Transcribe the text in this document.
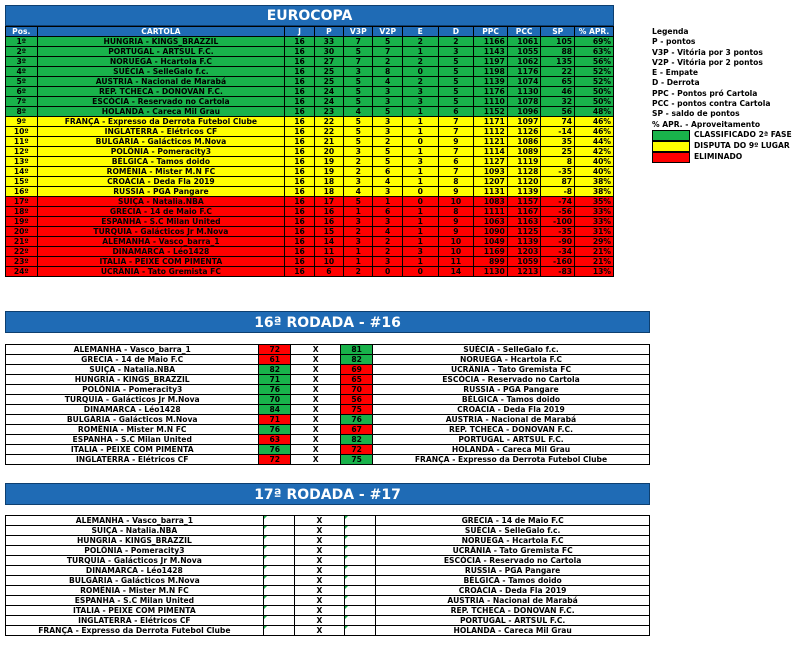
EUROCOPA
Pos.	CARTOLA	J	P	V3P	V2P	E	D	PPC	PCC	SP	% APR.
1º	HUNGRIA - KINGS_BRAZZIL	16	33	7	5	2	2	1166	1061	105	69%
2º	PORTUGAL - ARTSUL F.C.	16	30	5	7	1	3	1143	1055	88	63%
3º	NORUEGA - Hcartola F.C	16	27	7	2	2	5	1197	1062	135	56%
4º	SUÉCIA - SelleGalo f.c.	16	25	3	8	0	5	1198	1176	22	52%
5º	AUSTRIA - Nacional de Marabá	16	25	5	4	2	5	1139	1074	65	52%
6º	REP. TCHECA - DONOVAN F.C.	16	24	5	3	3	5	1176	1130	46	50%
7º	ESCÓCIA - Reservado no Cartola	16	24	5	3	3	5	1110	1078	32	50%
8º	HOLANDA - Careca Mil Grau	16	23	4	5	1	6	1152	1096	56	48%
9º	FRANÇA - Expresso da Derrota Futebol Clube	16	22	5	3	1	7	1171	1097	74	46%
10º	INGLATERRA - Elétricos CF	16	22	5	3	1	7	1112	1126	-14	46%
11º	BULGÁRIA - Galácticos M.Nova	16	21	5	2	0	9	1121	1086	35	44%
12º	POLÔNIA - Pomeracity3	16	20	3	5	1	7	1114	1089	25	42%
13º	BÉLGICA - Tamos doido	16	19	2	5	3	6	1127	1119	8	40%
14º	ROMÊNIA - Mister M.N FC	16	19	2	6	1	7	1093	1128	-35	40%
15º	CROÁCIA - Deda Fla 2019	16	18	3	4	1	8	1207	1120	87	38%
16º	RUSSIA - PGA Pangare	16	18	4	3	0	9	1131	1139	-8	38%
17º	SUIÇA - Natalia.NBA	16	17	5	1	0	10	1083	1157	-74	35%
18º	GRECIA - 14 de Maio F.C	16	16	1	6	1	8	1111	1167	-56	33%
19º	ESPANHA - S.C Milan United	16	16	3	3	1	9	1063	1163	-100	33%
20º	TURQUIA - Galácticos Jr M.Nova	16	15	2	4	1	9	1090	1125	-35	31%
21º	ALEMANHA - Vasco_barra_1	16	14	3	2	1	10	1049	1139	-90	29%
22º	DINAMARCA - Léo1428	16	11	1	2	3	10	1169	1203	-34	21%
23º	ITALIA - PEIXE COM PIMENTA	16	10	1	3	1	11	899	1059	-160	21%
24º	UCRÂNIA - Tato Gremista FC	16	6	2	0	0	14	1130	1213	-83	13%
Legenda
P - pontos
V3P - Vitória por 3 pontos
V2P - Vitória por 2 pontos
E - Empate
D - Derrota
PPC - Pontos pró Cartola
PCC - pontos contra Cartola
SP - saldo de pontos
% APR. - Aproveitamento
CLASSIFICADO 2ª FASE
DISPUTA DO 9º LUGAR
ELIMINADO
16ª RODADA - #16
ALEMANHA - Vasco_barra_1	72	X	81	SUÉCIA - SelleGalo f.c.
GRECIA - 14 de Maio F.C	61	X	82	NORUEGA - Hcartola F.C
SUIÇA - Natalia.NBA	82	X	69	UCRÂNIA - Tato Gremista FC
HUNGRIA - KINGS_BRAZZIL	71	X	65	ESCÓCIA - Reservado no Cartola
POLÔNIA - Pomeracity3	76	X	70	RUSSIA - PGA Pangare
TURQUIA - Galácticos Jr M.Nova	70	X	56	BÉLGICA - Tamos doido
DINAMARCA - Léo1428	84	X	75	CROÁCIA - Deda Fla 2019
BULGÁRIA - Galácticos M.Nova	71	X	76	AUSTRIA - Nacional de Marabá
ROMÊNIA - Mister M.N FC	76	X	67	REP. TCHECA - DONOVAN F.C.
ESPANHA - S.C Milan United	63	X	82	PORTUGAL - ARTSUL F.C.
ITALIA - PEIXE COM PIMENTA	76	X	72	HOLANDA - Careca Mil Grau
INGLATERRA - Elétricos CF	72	X	75	FRANÇA - Expresso da Derrota Futebol Clube
17ª RODADA - #17
ALEMANHA - Vasco_barra_1		X		GRECIA - 14 de Maio F.C
SUIÇA - Natalia.NBA		X		SUÉCIA - SelleGalo f.c.
HUNGRIA - KINGS_BRAZZIL		X		NORUEGA - Hcartola F.C
POLÔNIA - Pomeracity3		X		UCRÂNIA - Tato Gremista FC
TURQUIA - Galácticos Jr M.Nova		X		ESCÓCIA - Reservado no Cartola
DINAMARCA - Léo1428		X		RUSSIA - PGA Pangare
BULGÁRIA - Galácticos M.Nova		X		BÉLGICA - Tamos doido
ROMÊNIA - Mister M.N FC		X		CROÁCIA - Deda Fla 2019
ESPANHA - S.C Milan United		X		AUSTRIA - Nacional de Marabá
ITALIA - PEIXE COM PIMENTA		X		REP. TCHECA - DONOVAN F.C.
INGLATERRA - Elétricos CF		X		PORTUGAL - ARTSUL F.C.
FRANÇA - Expresso da Derrota Futebol Clube		X		HOLANDA - Careca Mil Grau
